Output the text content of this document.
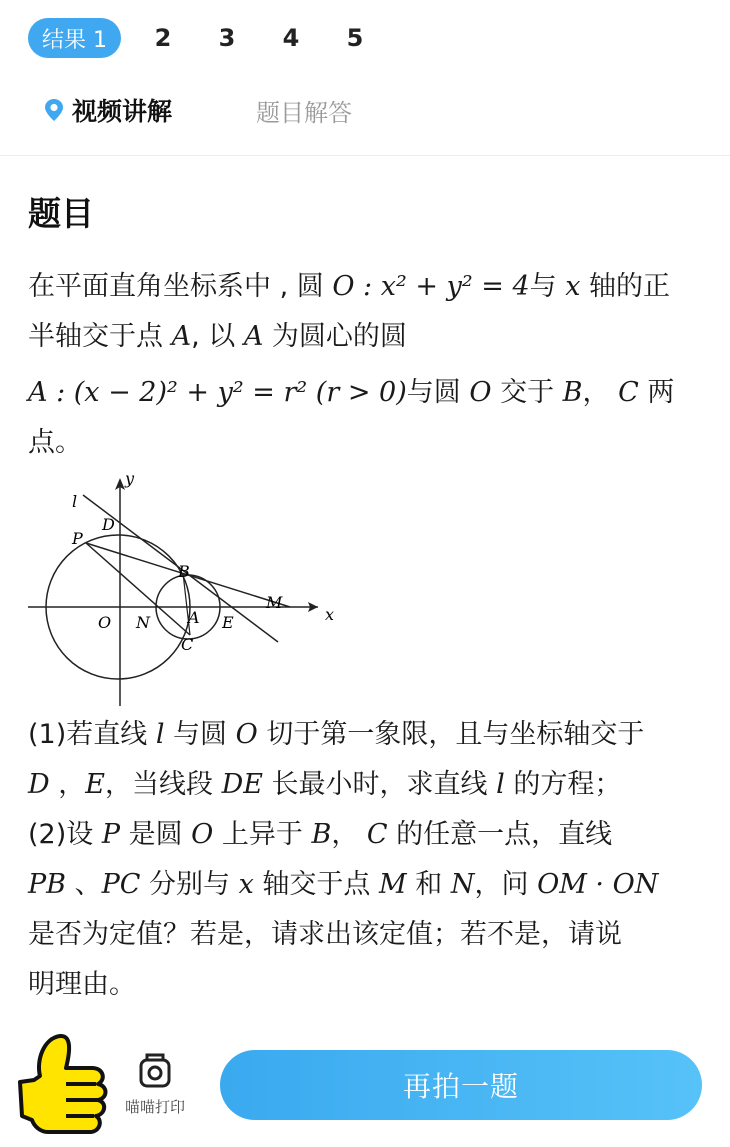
结果 1	2 3 4 5
视频讲解	题目解答
题目

在平面直角坐标系中 , 圆 O : x² + y² = 4与 x 轴的正

半轴交于点 A, 以 A 为圆心的圆

A : (x − 2)² + y² = r² (r > 0)与圆 O 交于 B， C 两

点。

y
x
l
D
P
B
M
O N A E
C

(1)若直线 l 与圆 O 切于第一象限，且与坐标轴交于

D ，E，当线段 DE 长最小时，求直线 l 的方程；

(2)设 P 是圆 O 上异于 B， C 的任意一点，直线

PB 、PC 分别与 x 轴交于点 M 和 N，问 OM · ON

是否为定值？若是，请求出该定值；若不是，请说

明理由。

喵喵打印
再拍一题
